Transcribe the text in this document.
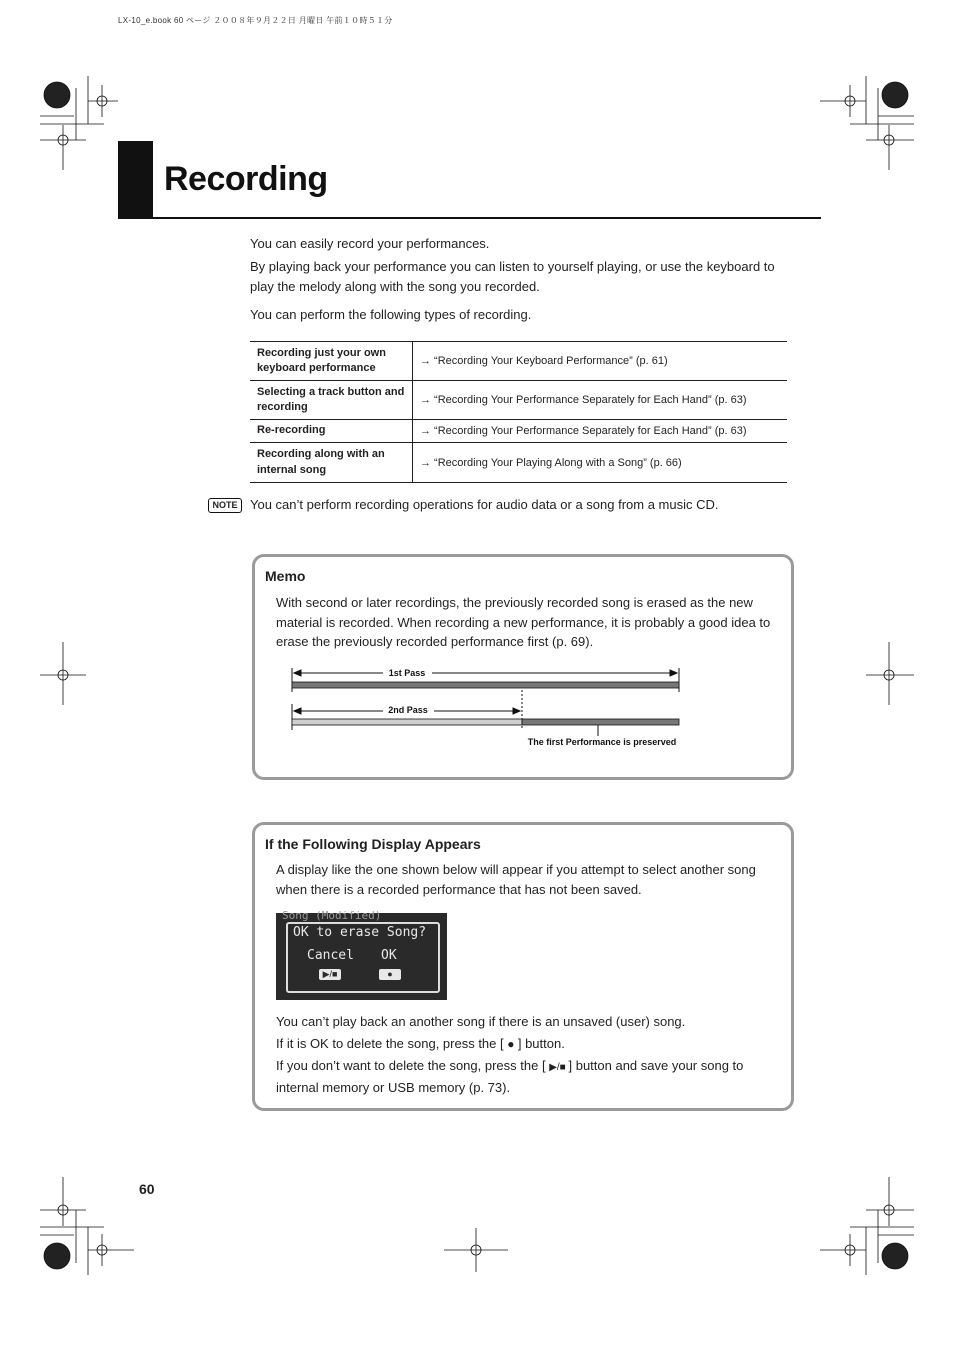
LX-10_e.book 60 ページ ２００８年９月２２日 月曜日 午前１０時５１分
Recording
You can easily record your performances.
By playing back your performance you can listen to yourself playing, or use the keyboard to play the melody along with the song you recorded.
You can perform the following types of recording.
Recording just your own keyboard performance	→ “Recording Your Keyboard Performance” (p. 61)
Selecting a track button and recording	→ “Recording Your Performance Separately for Each Hand” (p. 63)
Re-recording	→ “Recording Your Performance Separately for Each Hand” (p. 63)
Recording along with an internal song	→ “Recording Your Playing Along with a Song” (p. 66)
NOTE You can’t perform recording operations for audio data or a song from a music CD.
Memo
With second or later recordings, the previously recorded song is erased as the new material is recorded. When recording a new performance, it is probably a good idea to erase the previously recorded performance first (p. 69).
1st Pass
2nd Pass
The first Performance is preserved
If the Following Display Appears
A display like the one shown below will appear if you attempt to select another song when there is a recorded performance that has not been saved.
Song (Modified)
OK to erase Song?
Cancel OK
▶/■	●
You can’t play back an another song if there is an unsaved (user) song.
If it is OK to delete the song, press the [ ● ] button.
If you don’t want to delete the song, press the [ ▶/■ ] button and save your song to internal memory or USB memory (p. 73).
60
